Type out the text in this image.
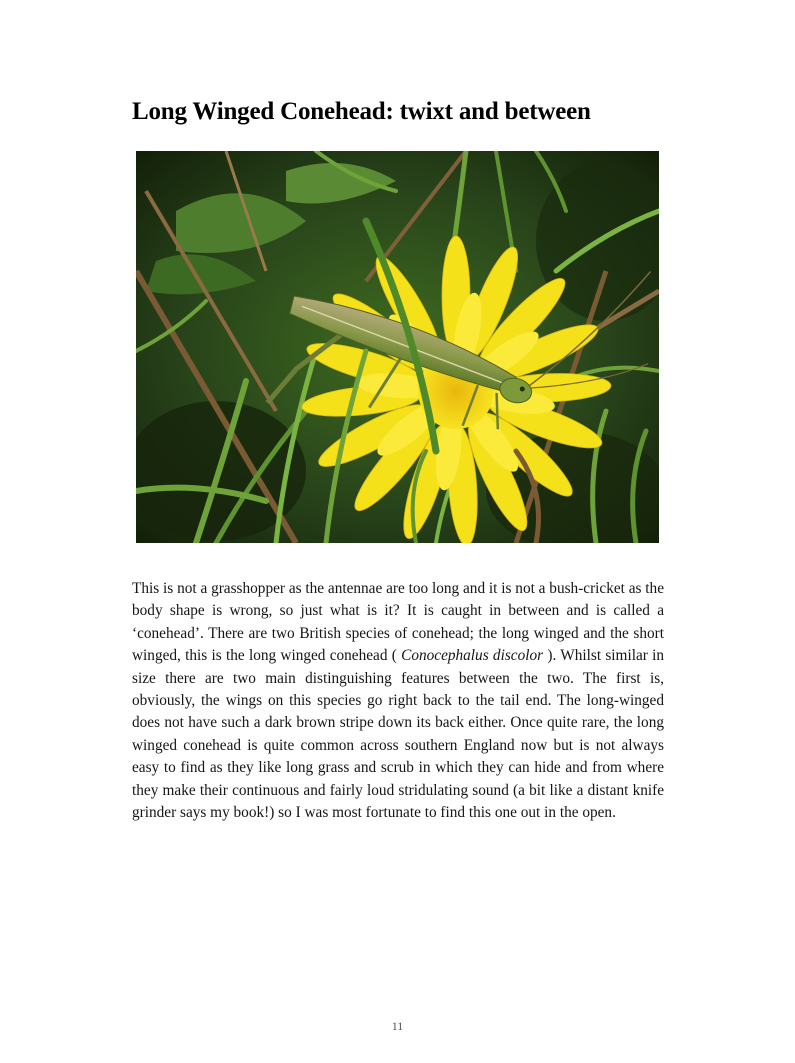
Long Winged Conehead: twixt and between

This is not a grasshopper as the antennae are too long and it is not a bush-cricket as the body shape is wrong, so just what is it? It is caught in between and is called a ‘conehead’. There are two British species of conehead; the long winged and the short winged, this is the long winged conehead ( Conocephalus discolor ). Whilst similar in size there are two main distinguishing features between the two. The first is, obviously, the wings on this species go right back to the tail end. The long-winged does not have such a dark brown stripe down its back either. Once quite rare, the long winged conehead is quite common across southern England now but is not always easy to find as they like long grass and scrub in which they can hide and from where they make their continuous and fairly loud stridulating sound (a bit like a distant knife grinder says my book!) so I was most fortunate to find this one out in the open.

11
